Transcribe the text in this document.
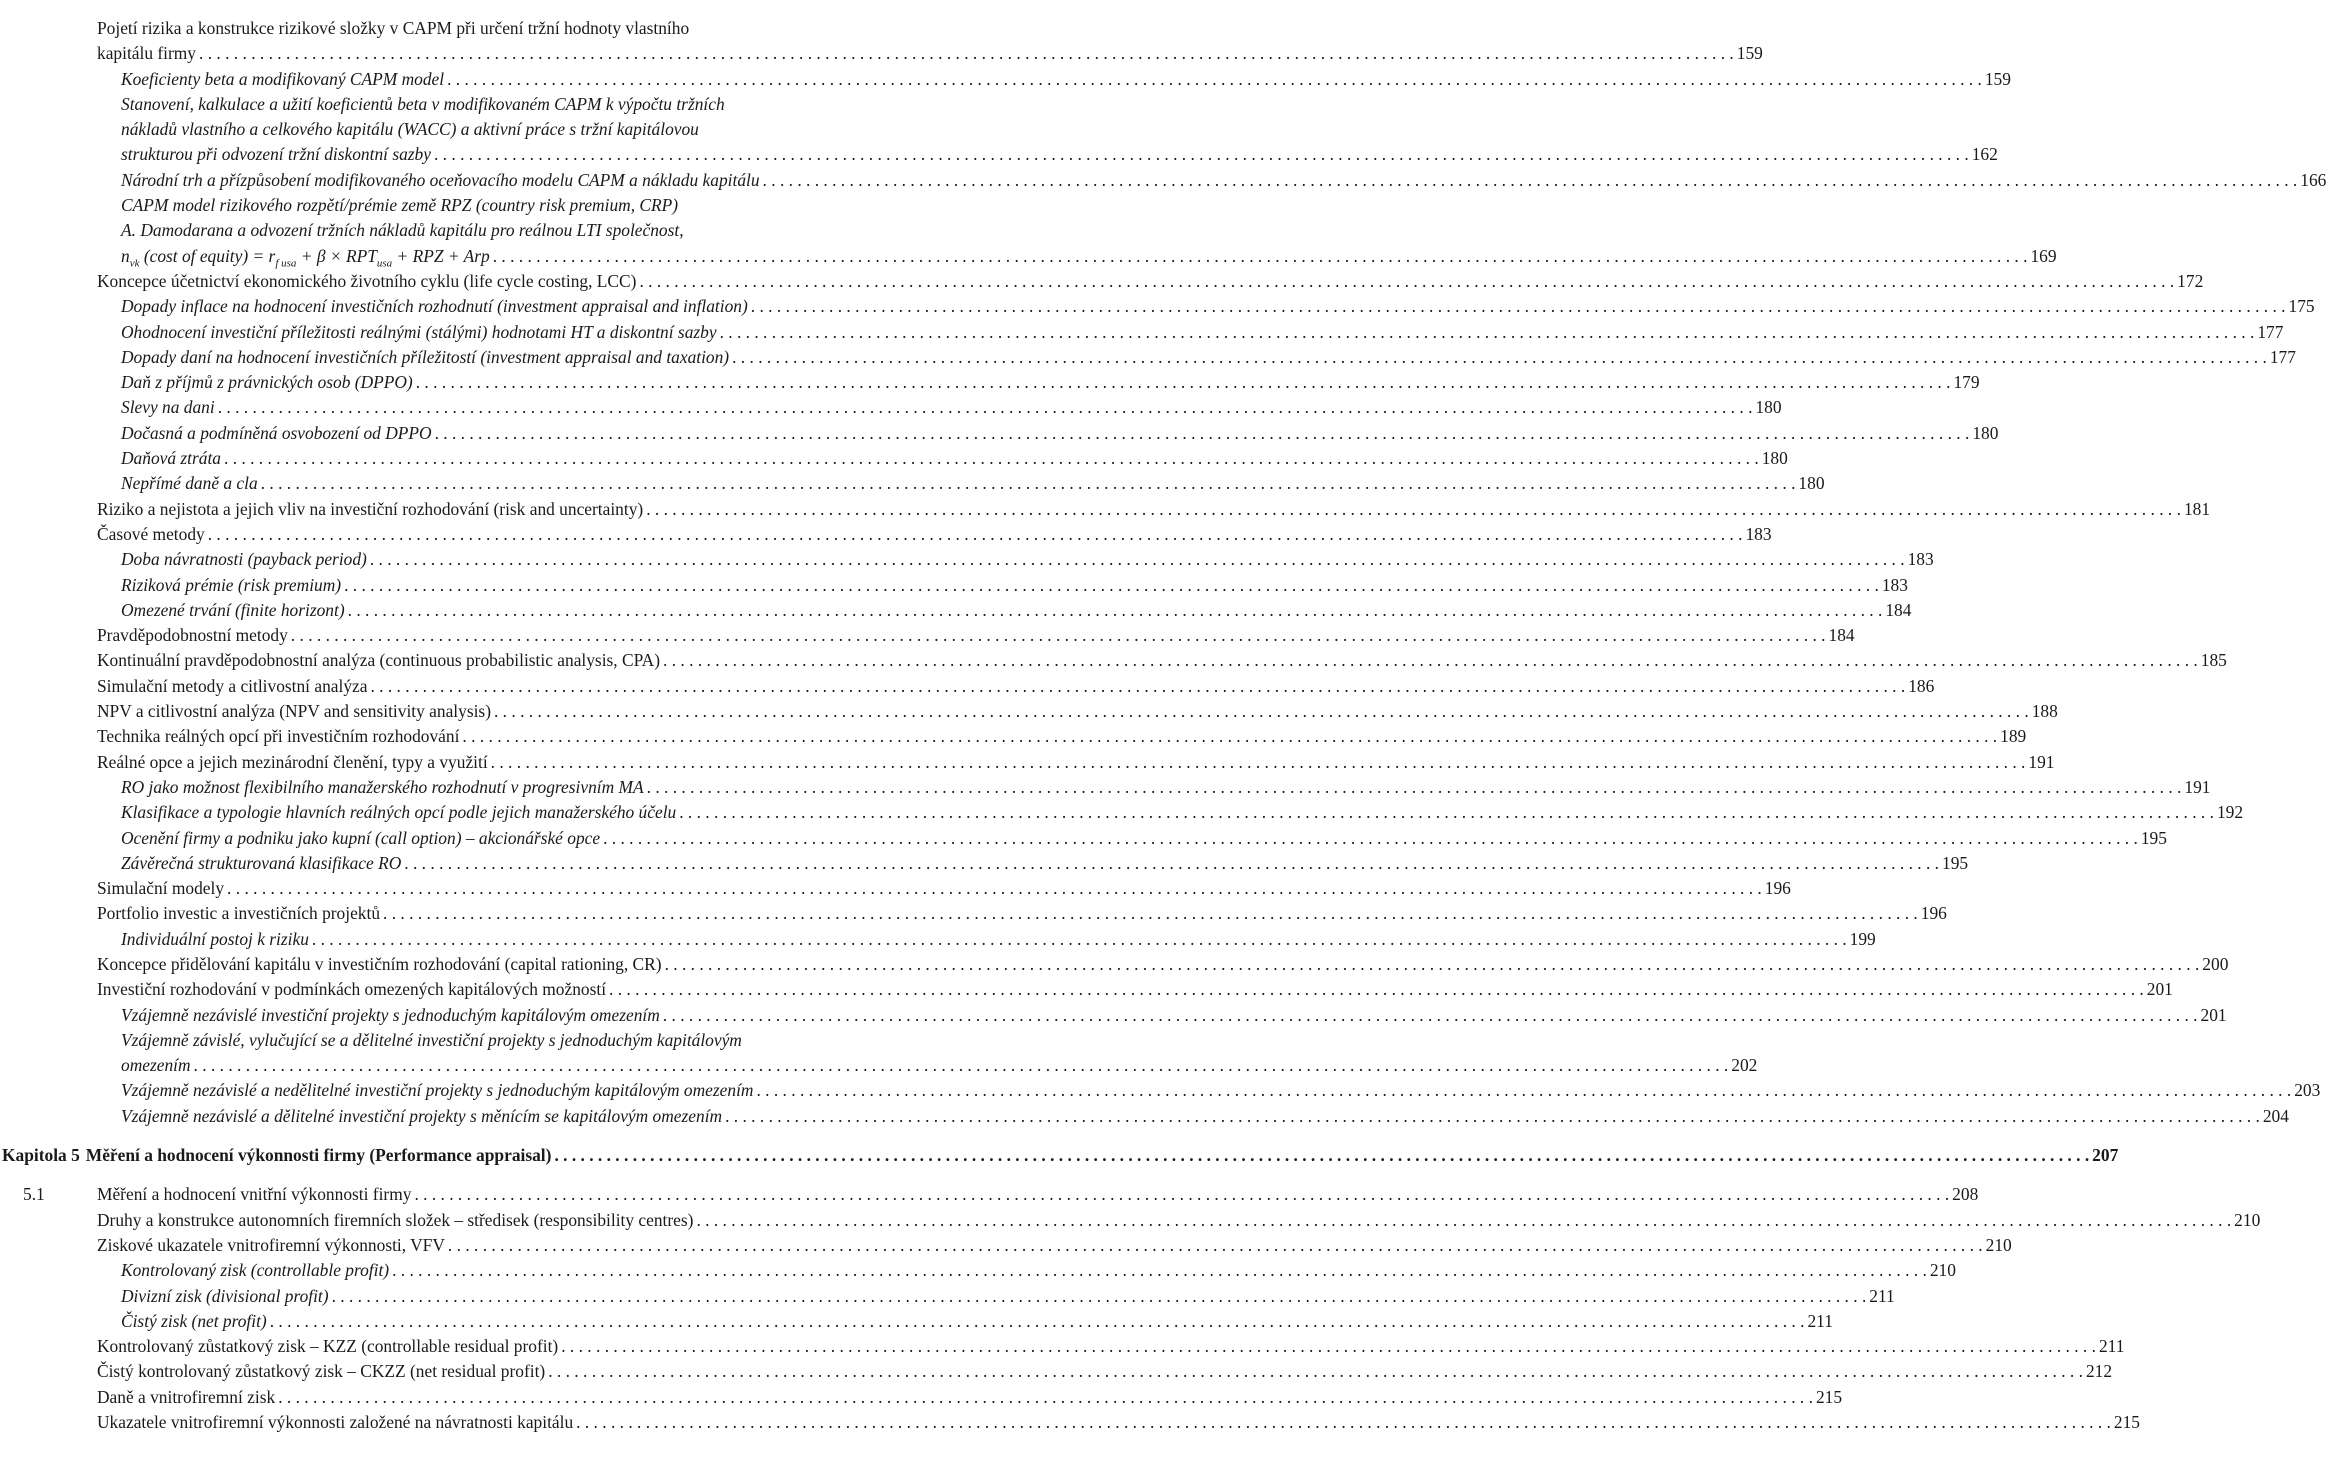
Pojetí rizika a konstrukce rizikové složky v CAPM při určení tržní hodnoty vlastního
kapitálu firmy . . .	159
Koeficienty beta a modifikovaný CAPM model . . .	159
Stanovení, kalkulace a užití koeficientů beta v modifikovaném CAPM k výpočtu tržních
nákladů vlastního a celkového kapitálu (WACC) a aktivní práce s tržní kapitálovou
strukturou při odvození tržní diskontní sazby . . .	162
Národní trh a přízpůsobení modifikovaného oceňovacího modelu CAPM a nákladu kapitálu . . .	166
CAPM model rizikového rozpětí/prémie země RPZ (country risk premium, CRP)
A. Damodarana a odvození tržních nákladů kapitálu pro reálnou LTI společnost,
$n_{vk}$ (cost of equity) = $r_{f usa} + \beta \times RPT_{usa}$ + RPZ + Arp . . .	169
Koncepce účetnictví ekonomického životního cyklu (life cycle costing, LCC) . . .	172
Dopady inflace na hodnocení investičních rozhodnutí (investment appraisal and inflation) . . .	175
Ohodnocení investiční příležitosti reálnými (stálými) hodnotami HT a diskontní sazby . . .	177
Dopady daní na hodnocení investičních příležitostí (investment appraisal and taxation) . . .	177
Daň z příjmů z právnických osob (DPPO) . . .	179
Slevy na dani . . .	180
Dočasná a podmíněná osvobození od DPPO . . .	180
Daňová ztráta . . .	180
Nepřímé daně a cla . . .	180
Riziko a nejistota a jejich vliv na investiční rozhodování (risk and uncertainty) . . .	181
Časové metody . . .	183
Doba návratnosti (payback period) . . .	183
Riziková prémie (risk premium) . . .	183
Omezené trvání (finite horizont) . . .	184
Pravděpodobnostní metody . . .	184
Kontinuální pravděpodobnostní analýza (continuous probabilistic analysis, CPA) . . .	185
Simulační metody a citlivostní analýza . . .	186
NPV a citlivostní analýza (NPV and sensitivity analysis) . . .	188
Technika reálných opcí při investičním rozhodování . . .	189
Reálné opce a jejich mezinárodní členění, typy a využití . . .	191
RO jako možnost flexibilního manažerského rozhodnutí v progresivním MA . . .	191
Klasifikace a typologie hlavních reálných opcí podle jejich manažerského účelu . . .	192
Ocenění firmy a podniku jako kupní (call option) – akcionářské opce . . .	195
Závěrečná strukturovaná klasifikace RO . . .	195
Simulační modely . . .	196
Portfolio investic a investičních projektů . . .	196
Individuální postoj k riziku . . .	199
Koncepce přidělování kapitálu v investičním rozhodování (capital rationing, CR) . . .	200
Investiční rozhodování v podmínkách omezených kapitálových možností . . .	201
Vzájemně nezávislé investiční projekty s jednoduchým kapitálovým omezením . . .	201
Vzájemně závislé, vylučující se a dělitelné investiční projekty s jednoduchým kapitálovým
omezením . . .	202
Vzájemně nezávislé a nedělitelné investiční projekty s jednoduchým kapitálovým omezením . . .	203
Vzájemně nezávislé a dělitelné investiční projekty s měnícím se kapitálovým omezením . . .	204
Kapitola 5 Měření a hodnocení výkonnosti firmy (Performance appraisal) . . .	207
5.1	Měření a hodnocení vnitřní výkonnosti firmy . . .	208
Druhy a konstrukce autonomních firemních složek – středisek (responsibility centres) . . .	210
Ziskové ukazatele vnitrofiremní výkonnosti, VFV . . .	210
Kontrolovaný zisk (controllable profit) . . .	210
Divizní zisk (divisional profit) . . .	211
Čistý zisk (net profit) . . .	211
Kontrolovaný zůstatkový zisk – KZZ (controllable residual profit) . . .	211
Čistý kontrolovaný zůstatkový zisk – CKZZ (net residual profit) . . .	212
Daně a vnitrofiremní zisk . . .	215
Ukazatele vnitrofiremní výkonnosti založené na návratnosti kapitálu . . .	215
